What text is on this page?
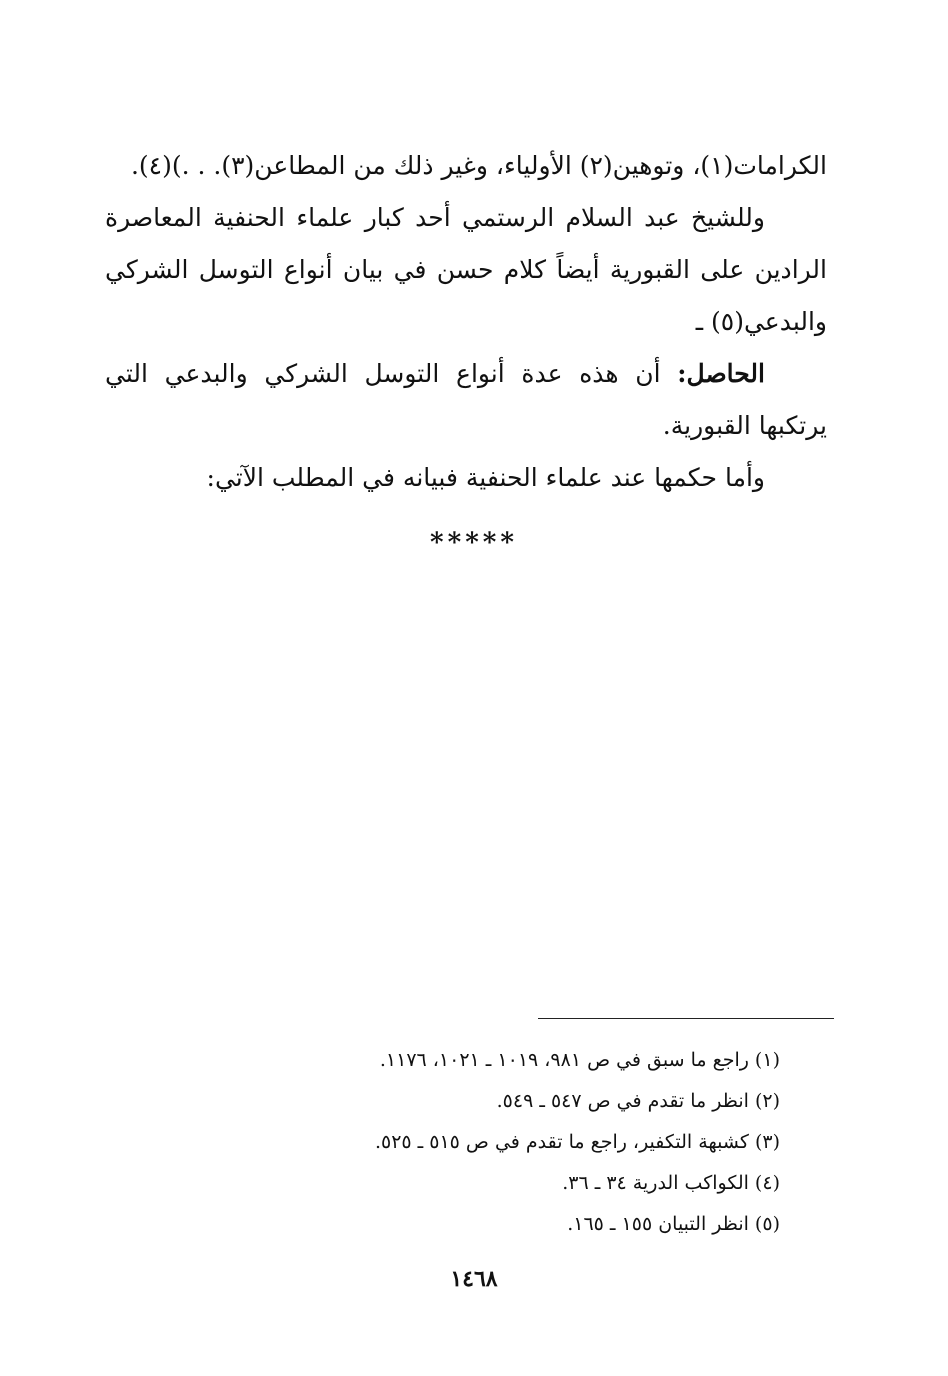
الكرامات(١)، وتوهين(٢) الأولياء، وغير ذلك من المطاعن(٣). . .)(٤).

وللشيخ عبد السلام الرستمي أحد كبار علماء الحنفية المعاصرة الرادين على القبورية أيضاً كلام حسن في بيان أنواع التوسل الشركي والبدعي(٥) ـ

الحاصل: أن هذه عدة أنواع التوسل الشركي والبدعي التي يرتكبها القبورية.

وأما حكمها عند علماء الحنفية فبيانه في المطلب الآتي:

*****
(١) راجع ما سبق في ص ٩٨١، ١٠١٩ ـ ١٠٢١، ١١٧٦.
(٢) انظر ما تقدم في ص ٥٤٧ ـ ٥٤٩.
(٣) كشبهة التكفير، راجع ما تقدم في ص ٥١٥ ـ ٥٢٥.
(٤) الكواكب الدرية ٣٤ ـ ٣٦.
(٥) انظر التبيان ١٥٥ ـ ١٦٥.
١٤٦٨
